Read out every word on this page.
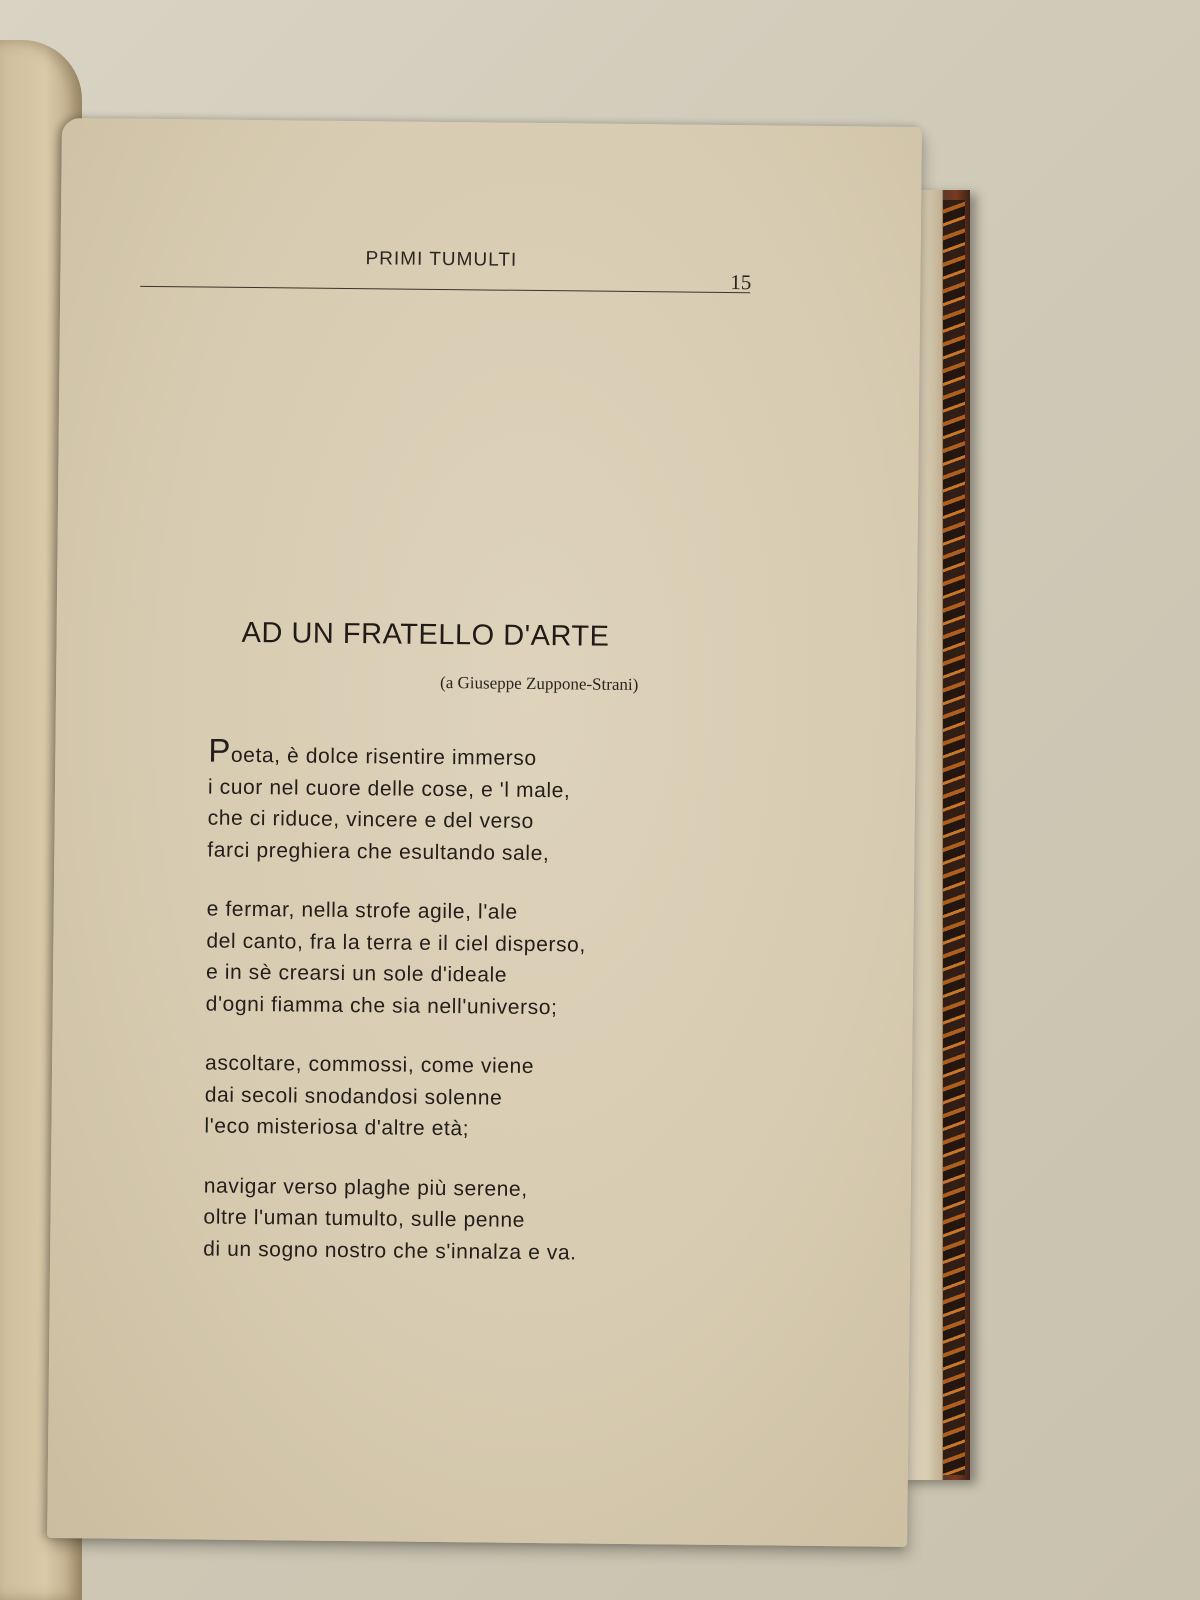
PRIMI TUMULTI
15
AD UN FRATELLO D'ARTE
(a Giuseppe Zuppone-Strani)

Poeta, è dolce risentire immerso
i cuor nel cuore delle cose, e 'l male,
che ci riduce, vincere e del verso
farci preghiera che esultando sale,

e fermar, nella strofe agile, l'ale
del canto, fra la terra e il ciel disperso,
e in sè crearsi un sole d'ideale
d'ogni fiamma che sia nell'universo;

ascoltare, commossi, come viene
dai secoli snodandosi solenne
l'eco misteriosa d'altre età;

navigar verso plaghe più serene,
oltre l'uman tumulto, sulle penne
di un sogno nostro che s'innalza e va.
